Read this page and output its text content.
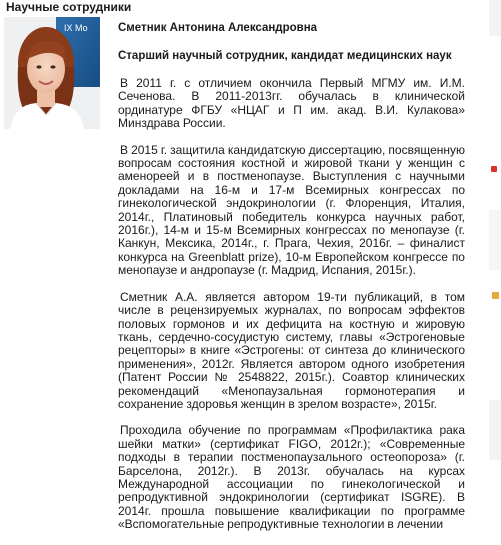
Научные сотрудники
IX Мо	Сметник Антонина Александровна
Старший научный сотрудник, кандидат медицинских наук

В 2011 г. с отличием окончила Первый МГМУ им. И.М. Сеченова. В 2011-2013гг. обучалась в клинической ординатуре ФГБУ «НЦАГ и П им. акад. В.И. Кулакова» Минздрава России.

В 2015 г. защитила кандидатскую диссертацию, посвященную вопросам состояния костной и жировой ткани у женщин с аменореей и в постменопаузе. Выступления с научными докладами на 16-м и 17-м Всемирных конгрессах по гинекологической эндокринологии (г. Флоренция, Италия, 2014г., Платиновый победитель конкурса научных работ, 2016г.), 14-м и 15-м Всемирных конгрессах по менопаузе (г. Канкун, Мексика, 2014г., г. Прага, Чехия, 2016г. – финалист конкурса на Greenblatt prize), 10-м Европейском конгрессе по менопаузе и андропаузе (г. Мадрид, Испания, 2015г.).

Сметник А.А. является автором 19-ти публикаций, в том числе в рецензируемых журналах, по вопросам эффектов половых гормонов и их дефицита на костную и жировую ткань, сердечно-сосудистую систему, главы «Эстрогеновые рецепторы» в книге «Эстрогены: от синтеза до клинического применения», 2012г. Является автором одного изобретения (Патент России № 2548822, 2015г.). Соавтор клинических рекомендаций «Менопаузальная гормонотерапия и сохранение здоровья женщин в зрелом возрасте», 2015г.

Проходила обучение по программам «Профилактика рака шейки матки» (сертификат FIGO, 2012г.); «Современные подходы в терапии постменопаузального остеопороза» (г. Барселона, 2012г.). В 2013г. обучалась на курсах Международной ассоциации по гинекологической и репродуктивной эндокринологии (сертификат ISGRE). В 2014г. прошла повышение квалификации по программе «Вспомогательные репродуктивные технологии в лечении
